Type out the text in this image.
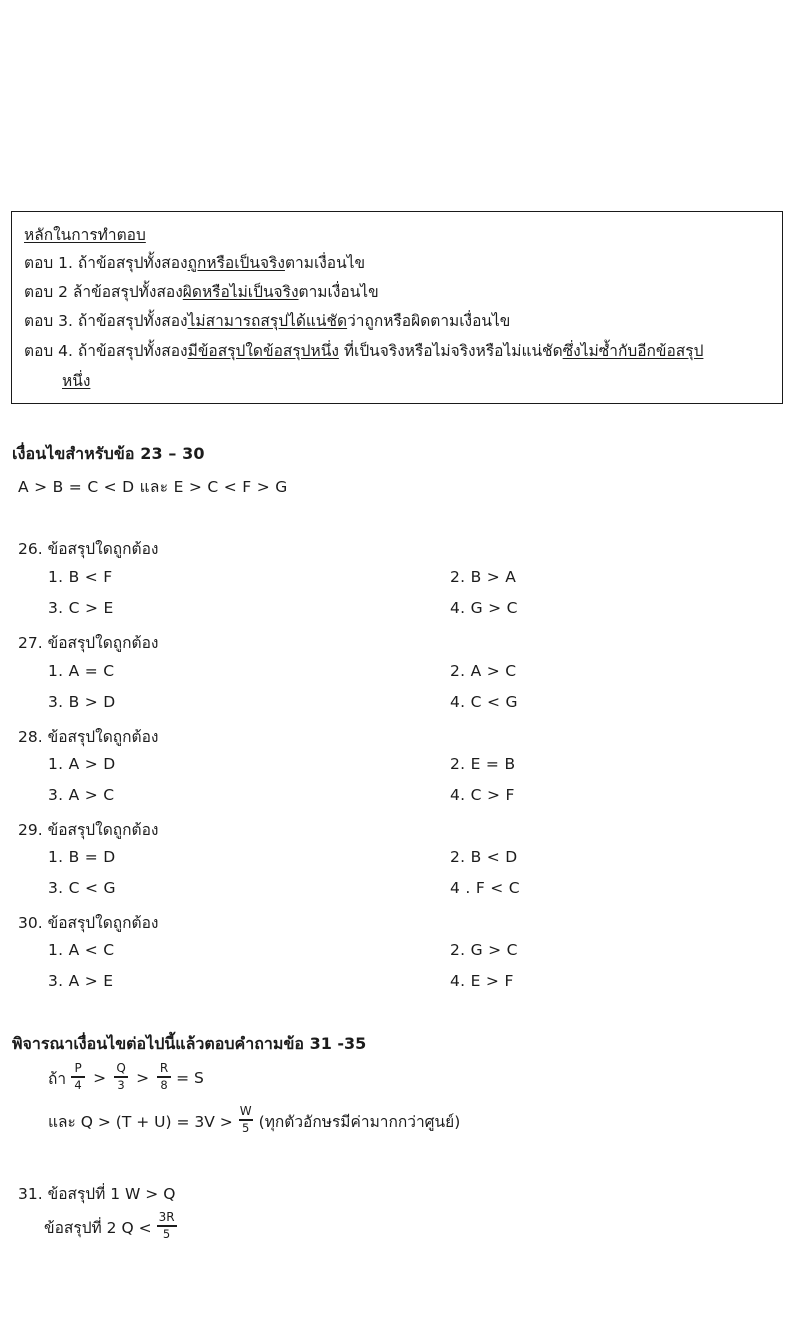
หลักในการทำตอบ
ตอบ 1. ถ้าข้อสรุปทั้งสองถูกหรือเป็นจริงตามเงื่อนไข
ตอบ 2 ล้าข้อสรุปทั้งสองผิดหรือไม่เป็นจริงตามเงื่อนไข
ตอบ 3. ถ้าข้อสรุปทั้งสองไม่สามารถสรุปได้แน่ชัดว่าถูกหรือผิดตามเงื่อนไข
ตอบ 4. ถ้าข้อสรุปทั้งสองมีข้อสรุปใดข้อสรุปหนึ่ง ที่เป็นจริงหรือไม่จริงหรือไม่แน่ชัดซึ่งไม่ซ้ำกับอีกข้อสรุป
หนึ่ง
เงื่อนไขสำหรับข้อ 23 – 30
A > B = C < D และ E > C < F > G
26. ข้อสรุปใดถูกต้อง
1. B < F	2. B > A
3. C > E	4. G > C
27. ข้อสรุปใดถูกต้อง
1. A = C	2. A > C
3. B > D	4. C < G
28. ข้อสรุปใดถูกต้อง
1. A > D	2. E = B
3. A > C	4. C > F
29. ข้อสรุปใดถูกต้อง
1. B = D	2. B < D
3. C < G	4 . F < C
30. ข้อสรุปใดถูกต้อง
1. A < C	2. G > C
3. A > E	4. E > F
พิจารณาเงื่อนไขต่อไปนี้แล้วตอบคำถามข้อ 31 -35
ถ้า $\frac{P}{4} > \frac{Q}{3} > \frac{R}{8} = S$
และ $Q > (T + U) = 3V > \frac{W}{5}$ (ทุกตัวอักษรมีค่ามากกว่าศูนย์)
31. ข้อสรุปที่ 1 W > Q
ข้อสรุปที่ 2 $Q < \frac{3R}{5}$
